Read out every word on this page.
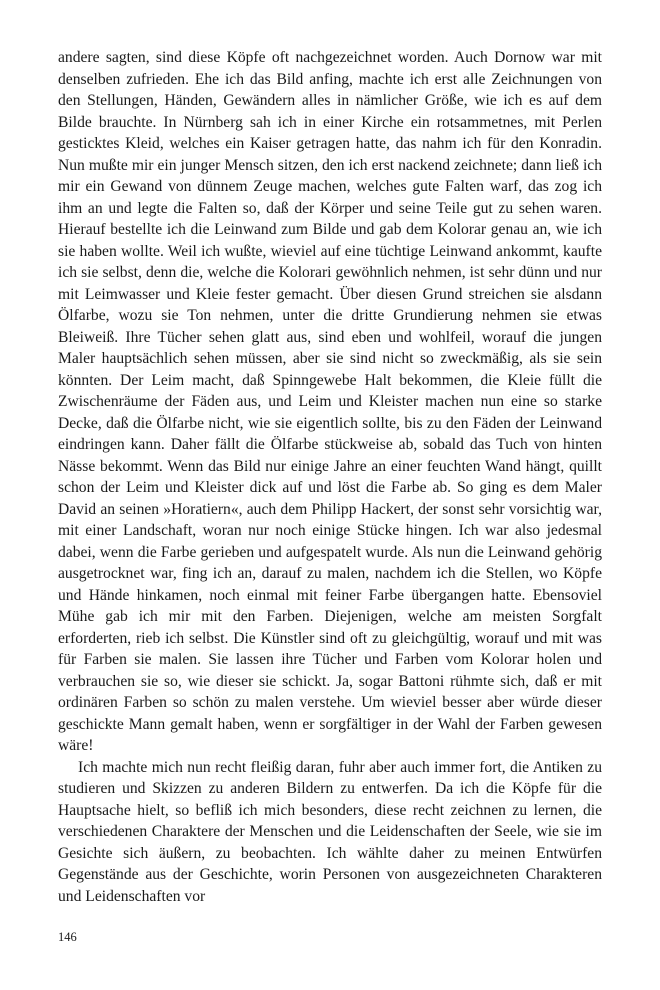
andere sagten, sind diese Köpfe oft nachgezeichnet worden. Auch Dornow war mit denselben zufrieden. Ehe ich das Bild anfing, machte ich erst alle Zeichnungen von den Stellungen, Händen, Gewändern alles in nämlicher Größe, wie ich es auf dem Bilde brauchte. In Nürnberg sah ich in einer Kirche ein rotsammetnes, mit Perlen gesticktes Kleid, welches ein Kaiser getragen hatte, das nahm ich für den Konradin. Nun mußte mir ein junger Mensch sitzen, den ich erst nackend zeichnete; dann ließ ich mir ein Gewand von dünnem Zeuge machen, welches gute Falten warf, das zog ich ihm an und legte die Falten so, daß der Körper und seine Teile gut zu sehen waren. Hierauf bestellte ich die Leinwand zum Bilde und gab dem Kolorar genau an, wie ich sie haben wollte. Weil ich wußte, wieviel auf eine tüchtige Leinwand ankommt, kaufte ich sie selbst, denn die, welche die Kolorari gewöhnlich nehmen, ist sehr dünn und nur mit Leimwasser und Kleie fester gemacht. Über diesen Grund streichen sie alsdann Ölfarbe, wozu sie Ton nehmen, unter die dritte Grundierung nehmen sie etwas Bleiweiß. Ihre Tücher sehen glatt aus, sind eben und wohlfeil, worauf die jungen Maler hauptsächlich sehen müssen, aber sie sind nicht so zweckmäßig, als sie sein könnten. Der Leim macht, daß Spinngewebe Halt bekommen, die Kleie füllt die Zwischenräume der Fäden aus, und Leim und Kleister machen nun eine so starke Decke, daß die Ölfarbe nicht, wie sie eigentlich sollte, bis zu den Fäden der Leinwand eindringen kann. Daher fällt die Ölfarbe stückweise ab, sobald das Tuch von hinten Nässe bekommt. Wenn das Bild nur einige Jahre an einer feuchten Wand hängt, quillt schon der Leim und Kleister dick auf und löst die Farbe ab. So ging es dem Maler David an seinen »Horatiern«, auch dem Philipp Hackert, der sonst sehr vorsichtig war, mit einer Landschaft, woran nur noch einige Stücke hingen. Ich war also jedesmal dabei, wenn die Farbe gerieben und aufgespatelt wurde. Als nun die Leinwand gehörig ausgetrocknet war, fing ich an, darauf zu malen, nachdem ich die Stellen, wo Köpfe und Hände hinkamen, noch einmal mit feiner Farbe übergangen hatte. Ebensoviel Mühe gab ich mir mit den Farben. Diejenigen, welche am meisten Sorgfalt erforderten, rieb ich selbst. Die Künstler sind oft zu gleichgültig, worauf und mit was für Farben sie malen. Sie lassen ihre Tücher und Farben vom Kolorar holen und verbrauchen sie so, wie dieser sie schickt. Ja, sogar Battoni rühmte sich, daß er mit ordinären Farben so schön zu malen verstehe. Um wieviel besser aber würde dieser geschickte Mann gemalt haben, wenn er sorgfältiger in der Wahl der Farben gewesen wäre!

Ich machte mich nun recht fleißig daran, fuhr aber auch immer fort, die Antiken zu studieren und Skizzen zu anderen Bildern zu entwerfen. Da ich die Köpfe für die Hauptsache hielt, so befliß ich mich besonders, diese recht zeichnen zu lernen, die verschiedenen Charaktere der Menschen und die Leidenschaften der Seele, wie sie im Gesichte sich äußern, zu beobachten. Ich wählte daher zu meinen Entwürfen Gegenstände aus der Geschichte, worin Personen von ausgezeichneten Charakteren und Leidenschaften vor

146
